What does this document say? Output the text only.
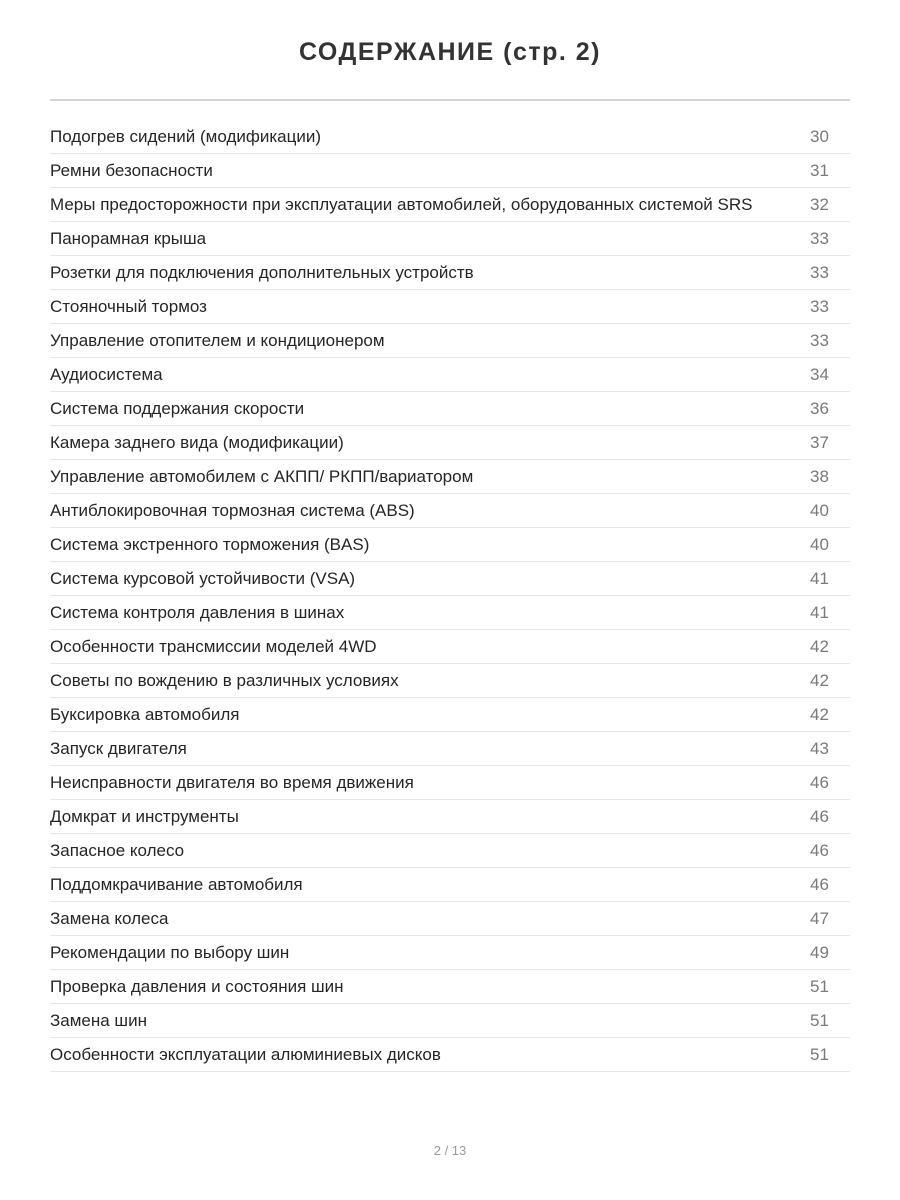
СОДЕРЖАНИЕ (стр. 2)
Подогрев сидений (модификации)	30
Ремни безопасности	31
Меры предосторожности при эксплуатации автомобилей, оборудованных системой SRS	32
Панорамная крыша	33
Розетки для подключения дополнительных устройств	33
Стояночный тормоз	33
Управление отопителем и кондиционером	33
Аудиосистема	34
Система поддержания скорости	36
Камера заднего вида (модификации)	37
Управление автомобилем с АКПП/ РКПП/вариатором	38
Антиблокировочная тормозная система (ABS)	40
Система экстренного торможения (BAS)	40
Система курсовой устойчивости (VSA)	41
Система контроля давления в шинах	41
Особенности трансмиссии моделей 4WD	42
Советы по вождению в различных условиях	42
Буксировка автомобиля	42
Запуск двигателя	43
Неисправности двигателя во время движения	46
Домкрат и инструменты	46
Запасное колесо	46
Поддомкрачивание автомобиля	46
Замена колеса	47
Рекомендации по выбору шин	49
Проверка давления и состояния шин	51
Замена шин	51
Особенности эксплуатации алюминиевых дисков	51
2 / 13
